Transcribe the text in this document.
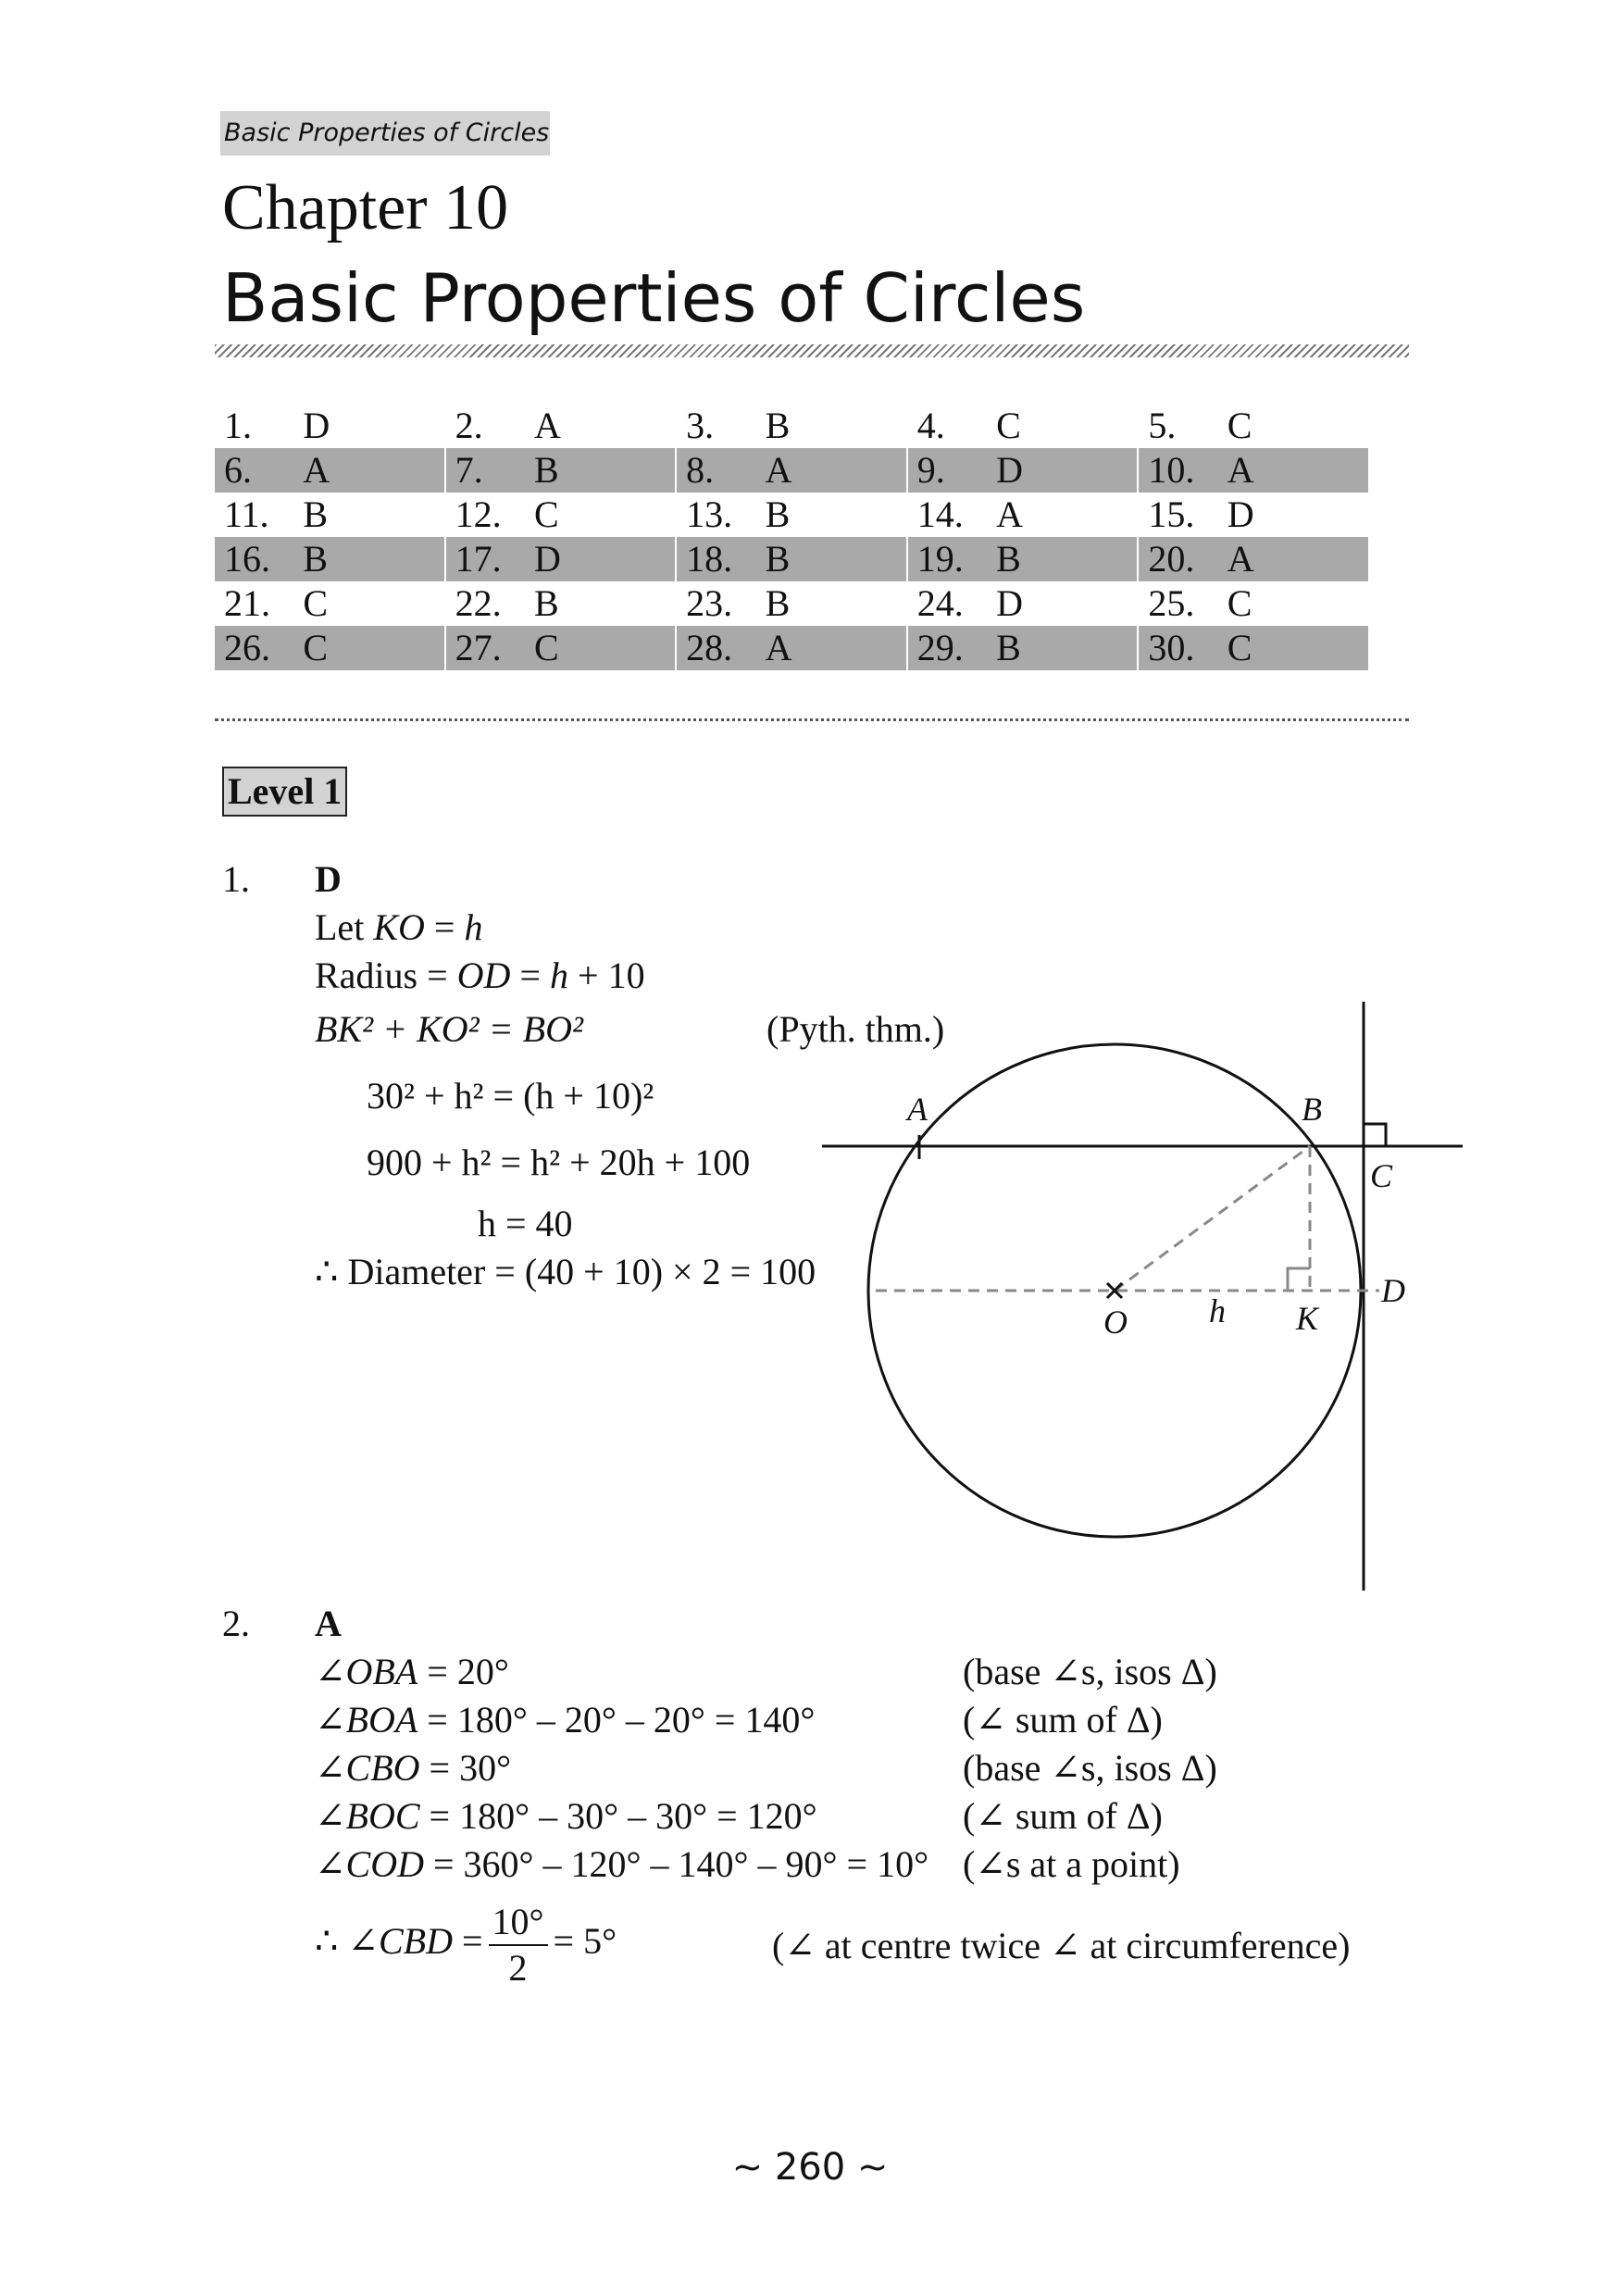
Basic Properties of Circles
Chapter 10
Basic Properties of Circles
1.	D	2.	A	3.	B	4.	C	5.	C
6.	A	7.	B	8.	A	9.	D	10.	A
11.	B	12.	C	13.	B	14.	A	15.	D
16.	B	17.	D	18.	B	19.	B	20.	A
21.	C	22.	B	23.	B	24.	D	25.	C
26.	C	27.	C	28.	A	29.	B	30.	C
Level 1
1. D
Let KO = h
Radius = OD = h + 10
BK² + KO² = BO²	(Pyth. thm.)
30² + h² = (h + 10)²
900 + h² = h² + 20h + 100
h = 40
∴ Diameter = (40 + 10) × 2 = 100
A	B
C
D
O	K
h
2. A
∠OBA = 20°	(base ∠s, isos Δ)
∠BOA = 180° – 20° – 20° = 140°	(∠ sum of Δ)
∠CBO = 30°	(base ∠s, isos Δ)
∠BOC = 180° – 30° – 30° = 120°	(∠ sum of Δ)
∠COD = 360° – 120° – 140° – 90° = 10° (∠s at a point)
∴ ∠CBD = $\frac{10^\circ}{2} = 5^\circ$	(∠ at centre twice ∠ at circumference)
~ 260 ~
